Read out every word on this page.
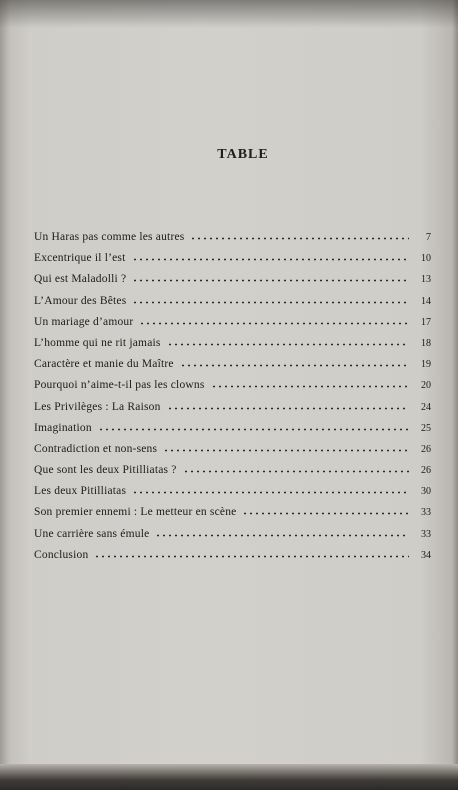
TABLE
Un Haras pas comme les autres	7
Excentrique il l’est	10
Qui est Maladolli ?	13
L’Amour des Bêtes	14
Un mariage d’amour	17
L’homme qui ne rit jamais	18
Caractère et manie du Maître	19
Pourquoi n’aime-t-il pas les clowns	20
Les Privilèges : La Raison	24
Imagination	25
Contradiction et non-sens	26
Que sont les deux Pitilliatas ?	26
Les deux Pitilliatas	30
Son premier ennemi : Le metteur en scène	33
Une carrière sans émule	33
Conclusion	34
